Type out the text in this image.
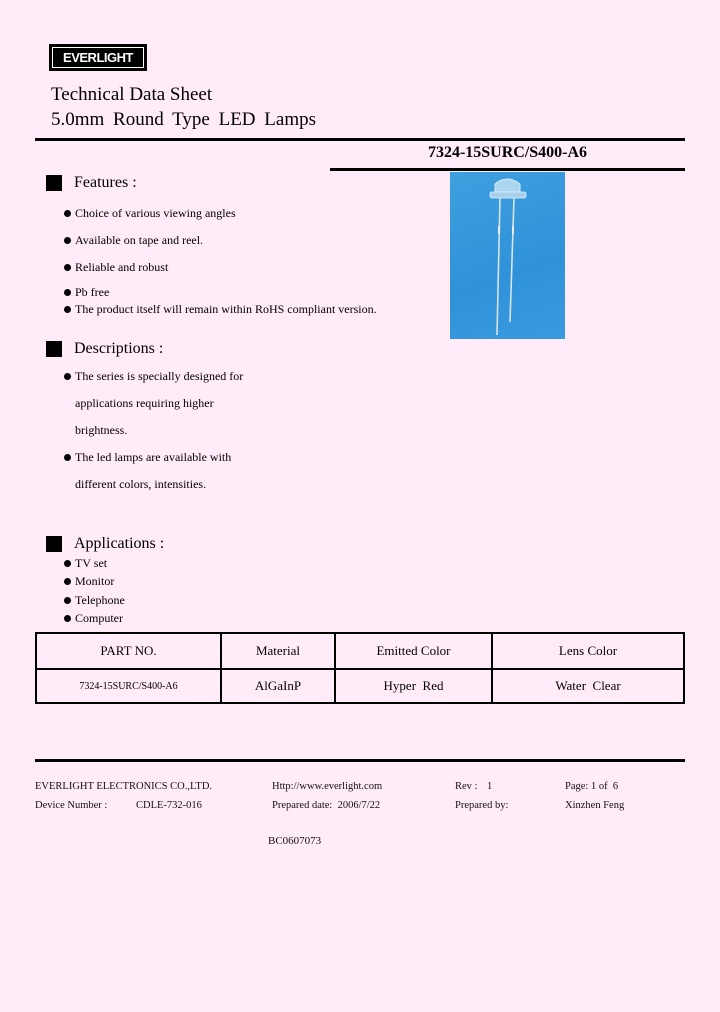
EVERLIGHT
Technical Data Sheet
5.0mm Round Type LED Lamps
7324-15SURC/S400-A6
Features :
Choice of various viewing angles
Available on tape and reel.
Reliable and robust
Pb free
The product itself will remain within RoHS compliant version.
Descriptions :
The series is specially designed for
applications requiring higher
brightness.
The led lamps are available with
different colors, intensities.
Applications :
TV set
Monitor
Telephone
Computer
PART NO.	Material	Emitted Color	Lens Color
7324-15SURC/S400-A6	AlGaInP	Hyper  Red	Water  Clear
EVERLIGHT ELECTRONICS CO.,LTD.	Http://www.everlight.com	Rev : 1	Page: 1 of  6
Device Number :	CDLE-732-016	Prepared date:  2006/7/22	Prepared by:	Xinzhen Feng
BC0607073
